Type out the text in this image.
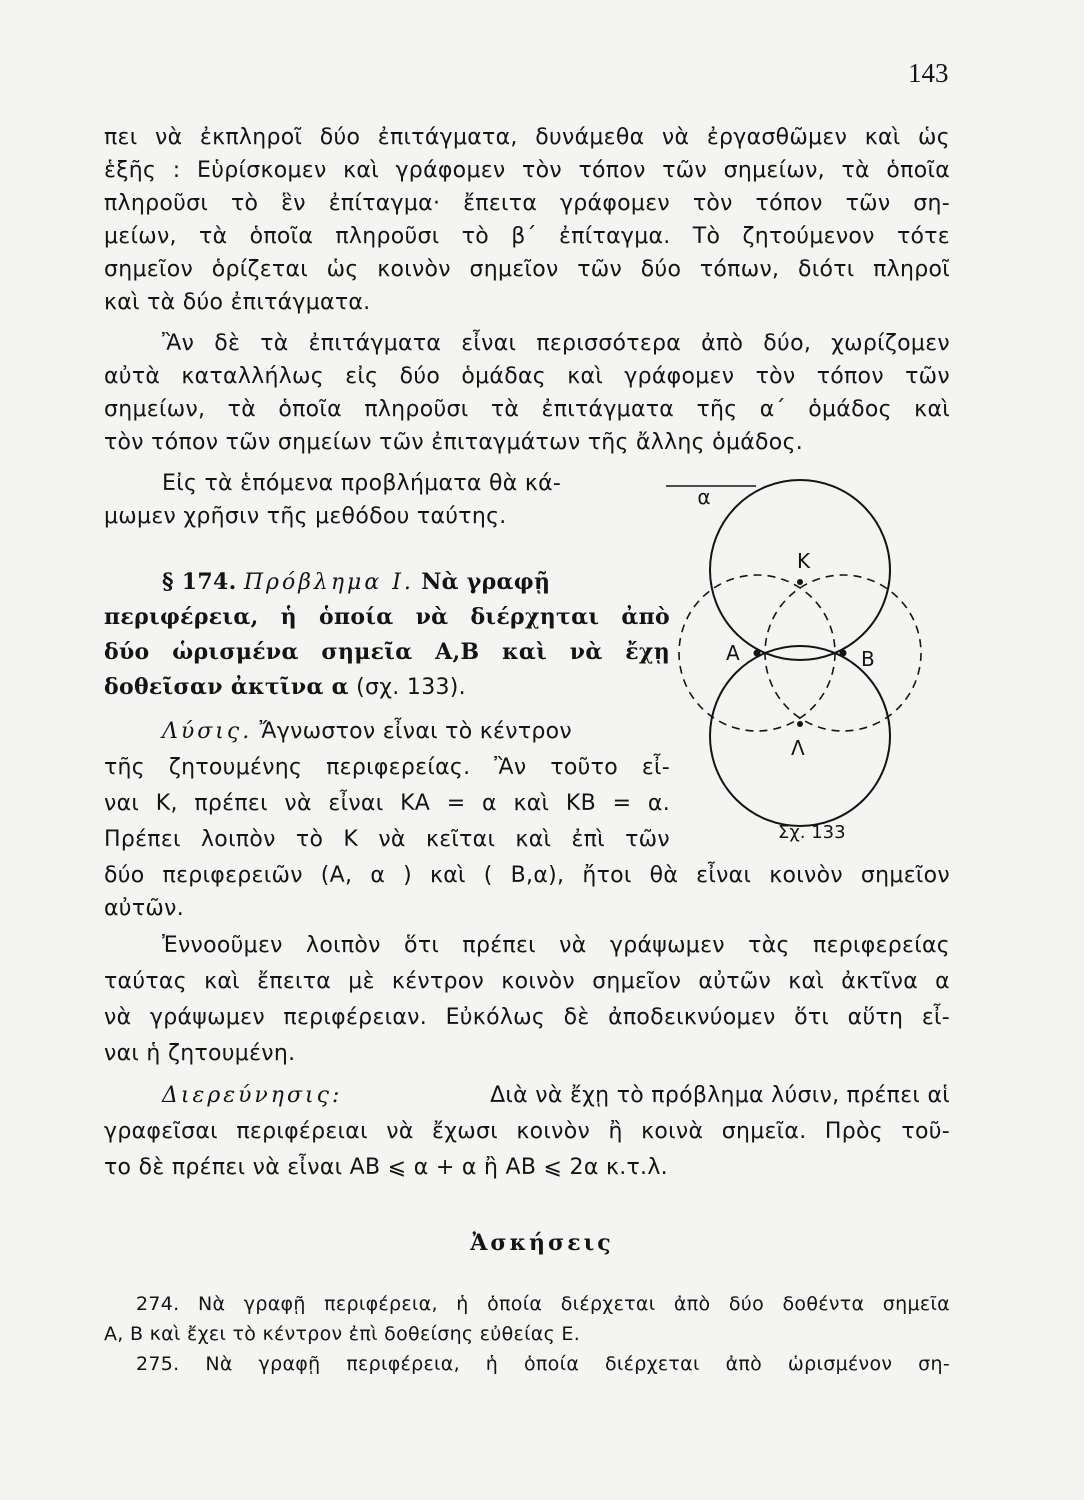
143
πει νὰ ἐκπληροῖ δύο ἐπιτάγματα, δυνάμεθα νὰ ἐργασθῶμεν καὶ ὡς
ἑξῆς : Εὑρίσκομεν καὶ γράφομεν τὸν τόπον τῶν σημείων, τὰ ὁποῖα
πληροῦσι τὸ ἓν ἐπίταγμα· ἔπειτα γράφομεν τὸν τόπον τῶν ση-
μείων, τὰ ὁποῖα πληροῦσι τὸ β΄ ἐπίταγμα. Τὸ ζητούμενον τότε
σημεῖον ὁρίζεται ὡς κοινὸν σημεῖον τῶν δύο τόπων, διότι πληροῖ
καὶ τὰ δύο ἐπιτάγματα.
Ἂν δὲ τὰ ἐπιτάγματα εἶναι περισσότερα ἀπὸ δύο, χωρίζομεν
αὐτὰ καταλλήλως εἰς δύο ὁμάδας καὶ γράφομεν τὸν τόπον τῶν
σημείων, τὰ ὁποῖα πληροῦσι τὰ ἐπιτάγματα τῆς α΄ ὁμάδος καὶ
τὸν τόπον τῶν σημείων τῶν ἐπιταγμάτων τῆς ἄλλης ὁμάδος.
Εἰς τὰ ἑπόμενα προβλήματα θὰ κά-
μωμεν χρῆσιν τῆς μεθόδου ταύτης.
§ 174. Πρόβλημα Ι. Νὰ γραφῇ
περιφέρεια, ἡ ὁποία νὰ διέρχηται ἀπὸ
δύο ὡρισμένα σημεῖα Α,Β καὶ νὰ ἔχῃ
δοθεῖσαν ἀκτῖνα α (σχ. 133).
Λύσις. Ἄγνωστον εἶναι τὸ κέντρον
τῆς ζητουμένης περιφερείας. Ἂν τοῦτο εἶ-
ναι Κ, πρέπει νὰ εἶναι ΚΑ = α καὶ ΚΒ = α.
Πρέπει λοιπὸν τὸ Κ νὰ κεῖται καὶ ἐπὶ τῶν
δύο περιφερειῶν (Α, α ) καὶ ( Β,α), ἤτοι θὰ εἶναι κοινὸν σημεῖον
αὐτῶν.
Ἐννοοῦμεν λοιπὸν ὅτι πρέπει νὰ γράψωμεν τὰς περιφερείας
ταύτας καὶ ἔπειτα μὲ κέντρον κοινὸν σημεῖον αὐτῶν καὶ ἀκτῖνα α
νὰ γράψωμεν περιφέρειαν. Εὐκόλως δὲ ἀποδεικνύομεν ὅτι αὕτη εἶ-
ναι ἡ ζητουμένη.
Διερεύνησις:	Διὰ νὰ ἔχῃ τὸ πρόβλημα λύσιν, πρέπει αἱ
γραφεῖσαι περιφέρειαι νὰ ἔχωσι κοινὸν ἢ κοινὰ σημεῖα. Πρὸς τοῦ-
το δὲ πρέπει νὰ εἶναι ΑΒ ⩽ α + α ἢ ΑΒ ⩽ 2α κ.τ.λ.
Ἀσκήσεις
274. Νὰ γραφῇ περιφέρεια, ἡ ὁποία διέρχεται ἀπὸ δύο δοθέντα σημεῖα
Α, Β καὶ ἔχει τὸ κέντρον ἐπὶ δοθείσης εὐθείας Ε.
275. Νὰ γραφῇ περιφέρεια, ἡ ὁποία διέρχεται ἀπὸ ὡρισμένον ση-
α
Κ
Α	Β
Λ
Σχ. 133
